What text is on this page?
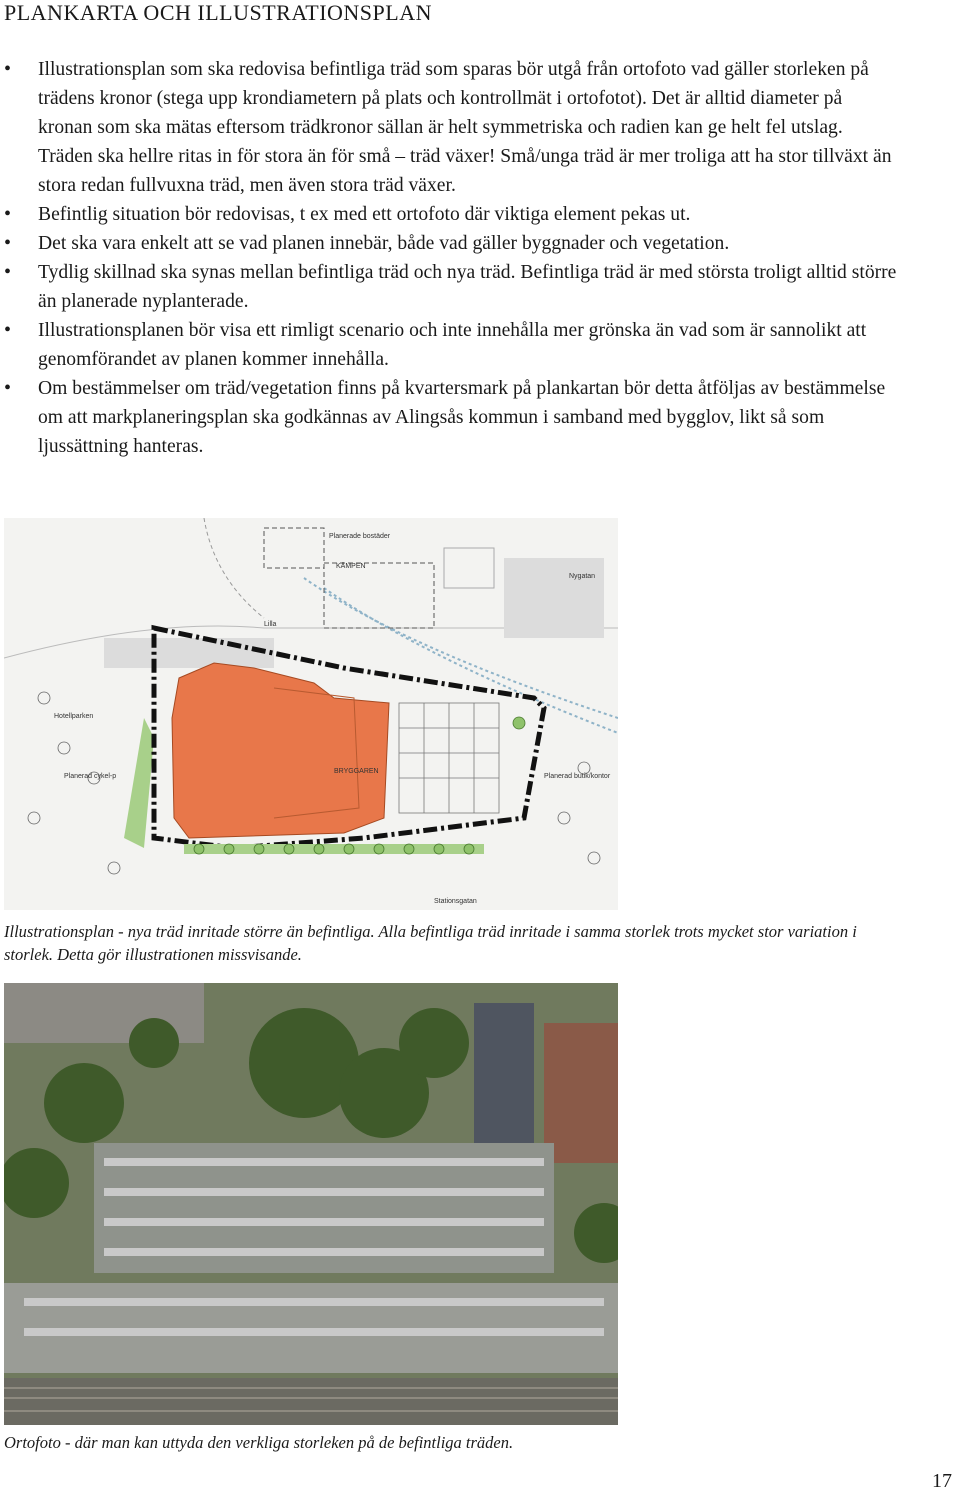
PLANKARTA OCH ILLUSTRATIONSPLAN
• Illustrationsplan som ska redovisa befintliga träd som sparas bör utgå från ortofoto vad gäller storleken på trädens kronor (stega upp krondiametern på plats och kontrollmät i ortofotot). Det är alltid diameter på kronan som ska mätas eftersom trädkronor sällan är helt symmetriska och radien kan ge helt fel utslag. Träden ska hellre ritas in för stora än för små – träd växer! Små/unga träd är mer troliga att ha stor tillväxt än stora redan fullvuxna träd, men även stora träd växer.
• Befintlig situation bör redovisas, t ex med ett ortofoto där viktiga element pekas ut.
• Det ska vara enkelt att se vad planen innebär, både vad gäller byggnader och vegetation.
• Tydlig skillnad ska synas mellan befintliga träd och nya träd. Befintliga träd är med största troligt alltid större än planerade nyplanterade.
• Illustrationsplanen bör visa ett rimligt scenario och inte innehålla mer grönska än vad som är sannolikt att genomförandet av planen kommer innehålla.
• Om bestämmelser om träd/vegetation finns på kvartersmark på plankartan bör detta åtföljas av bestämmelse om att markplaneringsplan ska godkännas av Alingsås kommun i samband med bygglov, likt så som ljussättning hanteras.
Planerade bostäder
KÄMPEN
Hotellparken
Planerad cykel-p
BRYGGAREN
Planerad butik/kontor
Stationsgatan
Lilla
Nygatan

Illustrationsplan - nya träd inritade större än befintliga. Alla befintliga träd inritade i samma storlek trots mycket stor variation i storlek. Detta gör illustrationen missvisande.

Ortofoto - där man kan uttyda den verkliga storleken på de befintliga träden.

17
